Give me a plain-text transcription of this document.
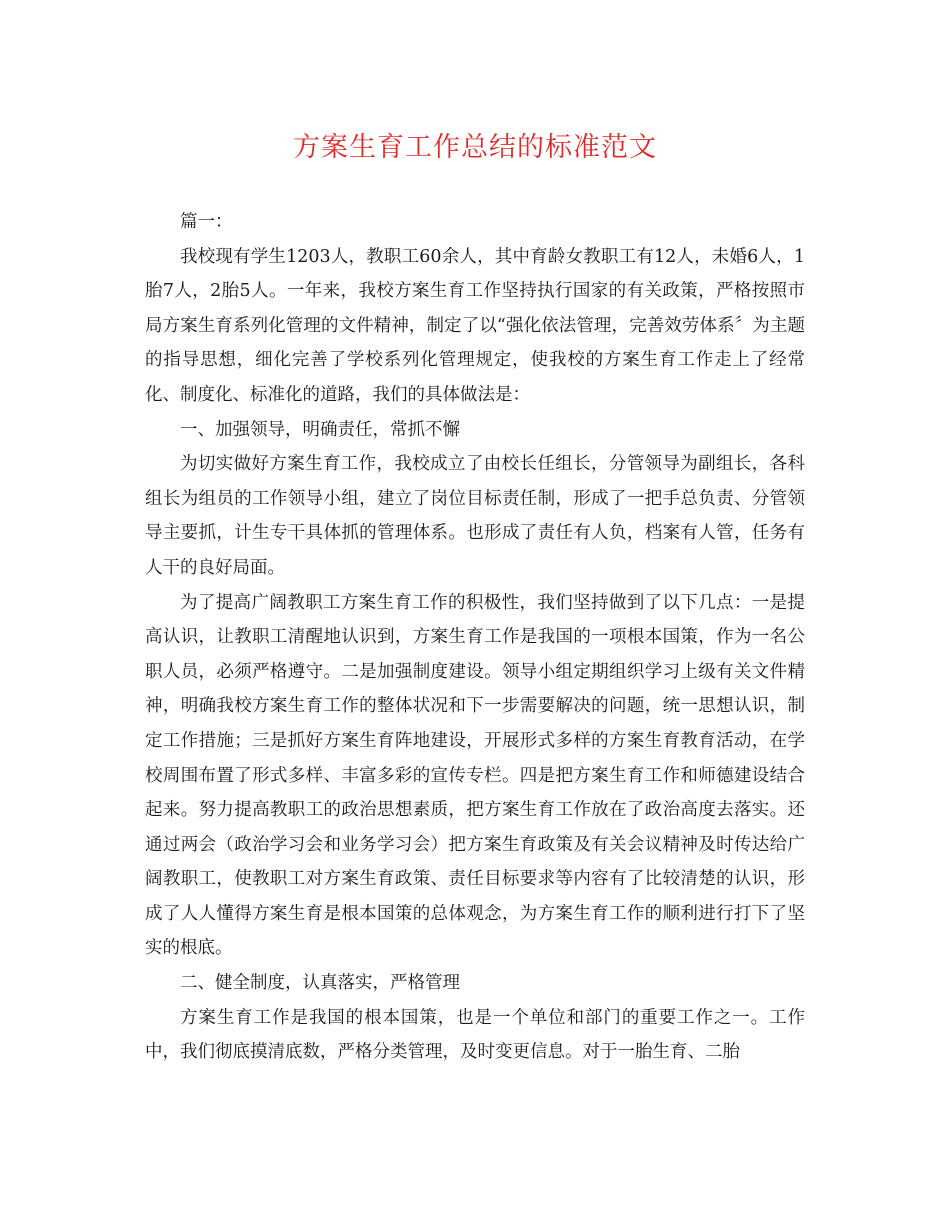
方案生育工作总结的标准范文

篇一：

我校现有学生1203人，教职工60余人，其中育龄女教职工有12人，未婚6人，1胎7人，2胎5人。一年来，我校方案生育工作坚持执行国家的有关政策，严格按照市局方案生育系列化管理的文件精神，制定了以“强化依法管理，完善效劳体系〞为主题的指导思想，细化完善了学校系列化管理规定，使我校的方案生育工作走上了经常化、制度化、标准化的道路，我们的具体做法是：

一、加强领导，明确责任，常抓不懈

为切实做好方案生育工作，我校成立了由校长任组长，分管领导为副组长，各科组长为组员的工作领导小组，建立了岗位目标责任制，形成了一把手总负责、分管领导主要抓，计生专干具体抓的管理体系。也形成了责任有人负，档案有人管，任务有人干的良好局面。

为了提高广阔教职工方案生育工作的积极性，我们坚持做到了以下几点：一是提高认识，让教职工清醒地认识到，方案生育工作是我国的一项根本国策，作为一名公职人员，必须严格遵守。二是加强制度建设。领导小组定期组织学习上级有关文件精神，明确我校方案生育工作的整体状况和下一步需要解决的问题，统一思想认识，制定工作措施；三是抓好方案生育阵地建设，开展形式多样的方案生育教育活动，在学校周围布置了形式多样、丰富多彩的宣传专栏。四是把方案生育工作和师德建设结合起来。努力提高教职工的政治思想素质，把方案生育工作放在了政治高度去落实。还通过两会（政治学习会和业务学习会）把方案生育政策及有关会议精神及时传达给广阔教职工，使教职工对方案生育政策、责任目标要求等内容有了比较清楚的认识，形成了人人懂得方案生育是根本国策的总体观念，为方案生育工作的顺利进行打下了坚实的根底。

二、健全制度，认真落实，严格管理

方案生育工作是我国的根本国策，也是一个单位和部门的重要工作之一。工作中，我们彻底摸清底数，严格分类管理，及时变更信息。对于一胎生育、二胎
